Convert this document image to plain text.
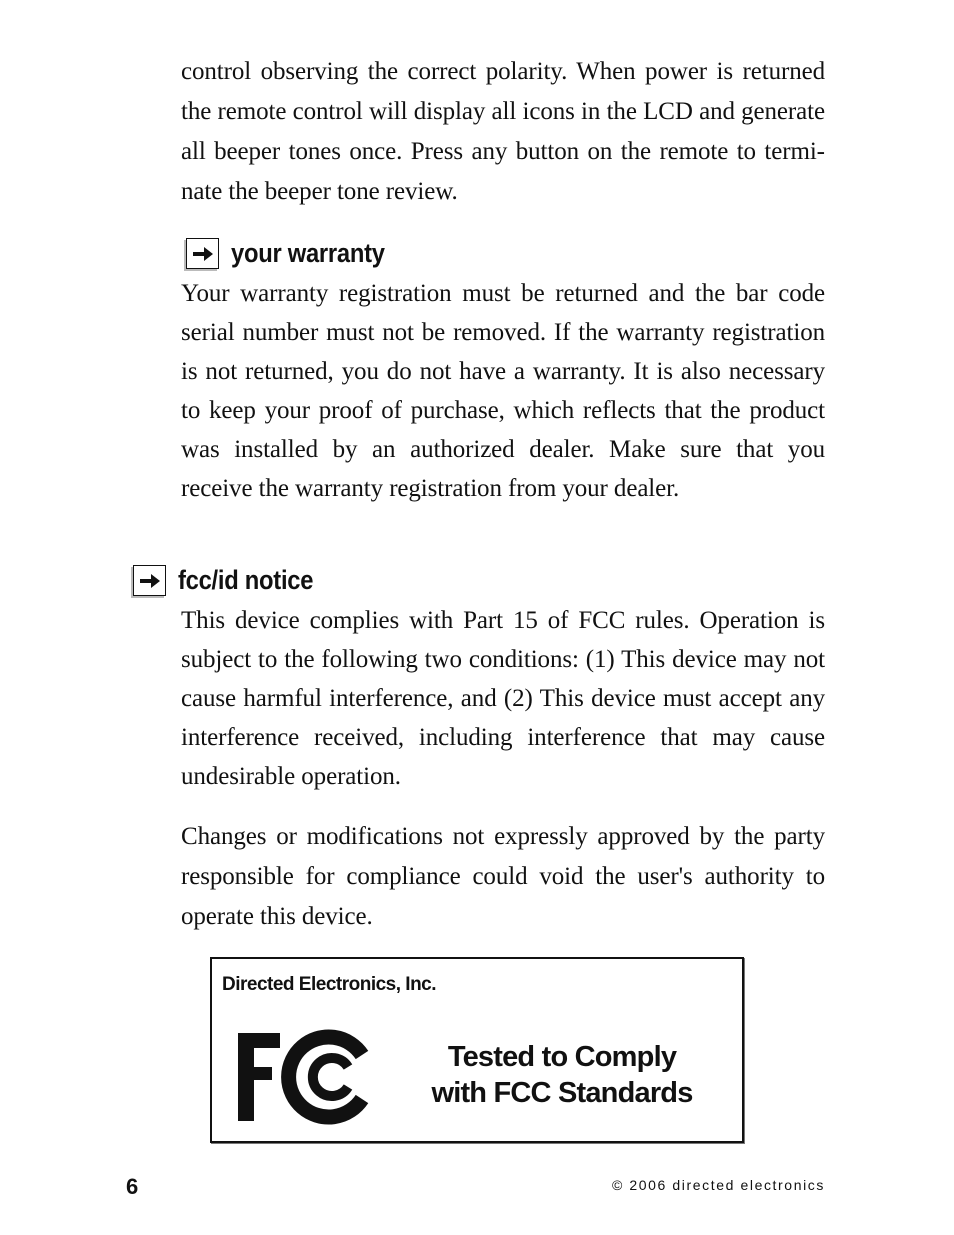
control observing the correct polarity. When power is returned the remote control will display all icons in the LCD and generate all beeper tones once. Press any button on the remote to terminate the beeper tone review.

your warranty

Your warranty registration must be returned and the bar code serial number must not be removed. If the warranty registration is not returned, you do not have a warranty. It is also necessary to keep your proof of purchase, which reflects that the product was installed by an authorized dealer. Make sure that you receive the warranty registration from your dealer.

fcc/id notice

This device complies with Part 15 of FCC rules. Operation is subject to the following two conditions: (1) This device may not cause harmful interference, and (2) This device must accept any interference received, including interference that may cause undesirable operation.

Changes or modifications not expressly approved by the party responsible for compliance could void the user's authority to operate this device.

Directed Electronics, Inc.
Tested to Comply
with FCC Standards
6	© 2006 directed electronics
